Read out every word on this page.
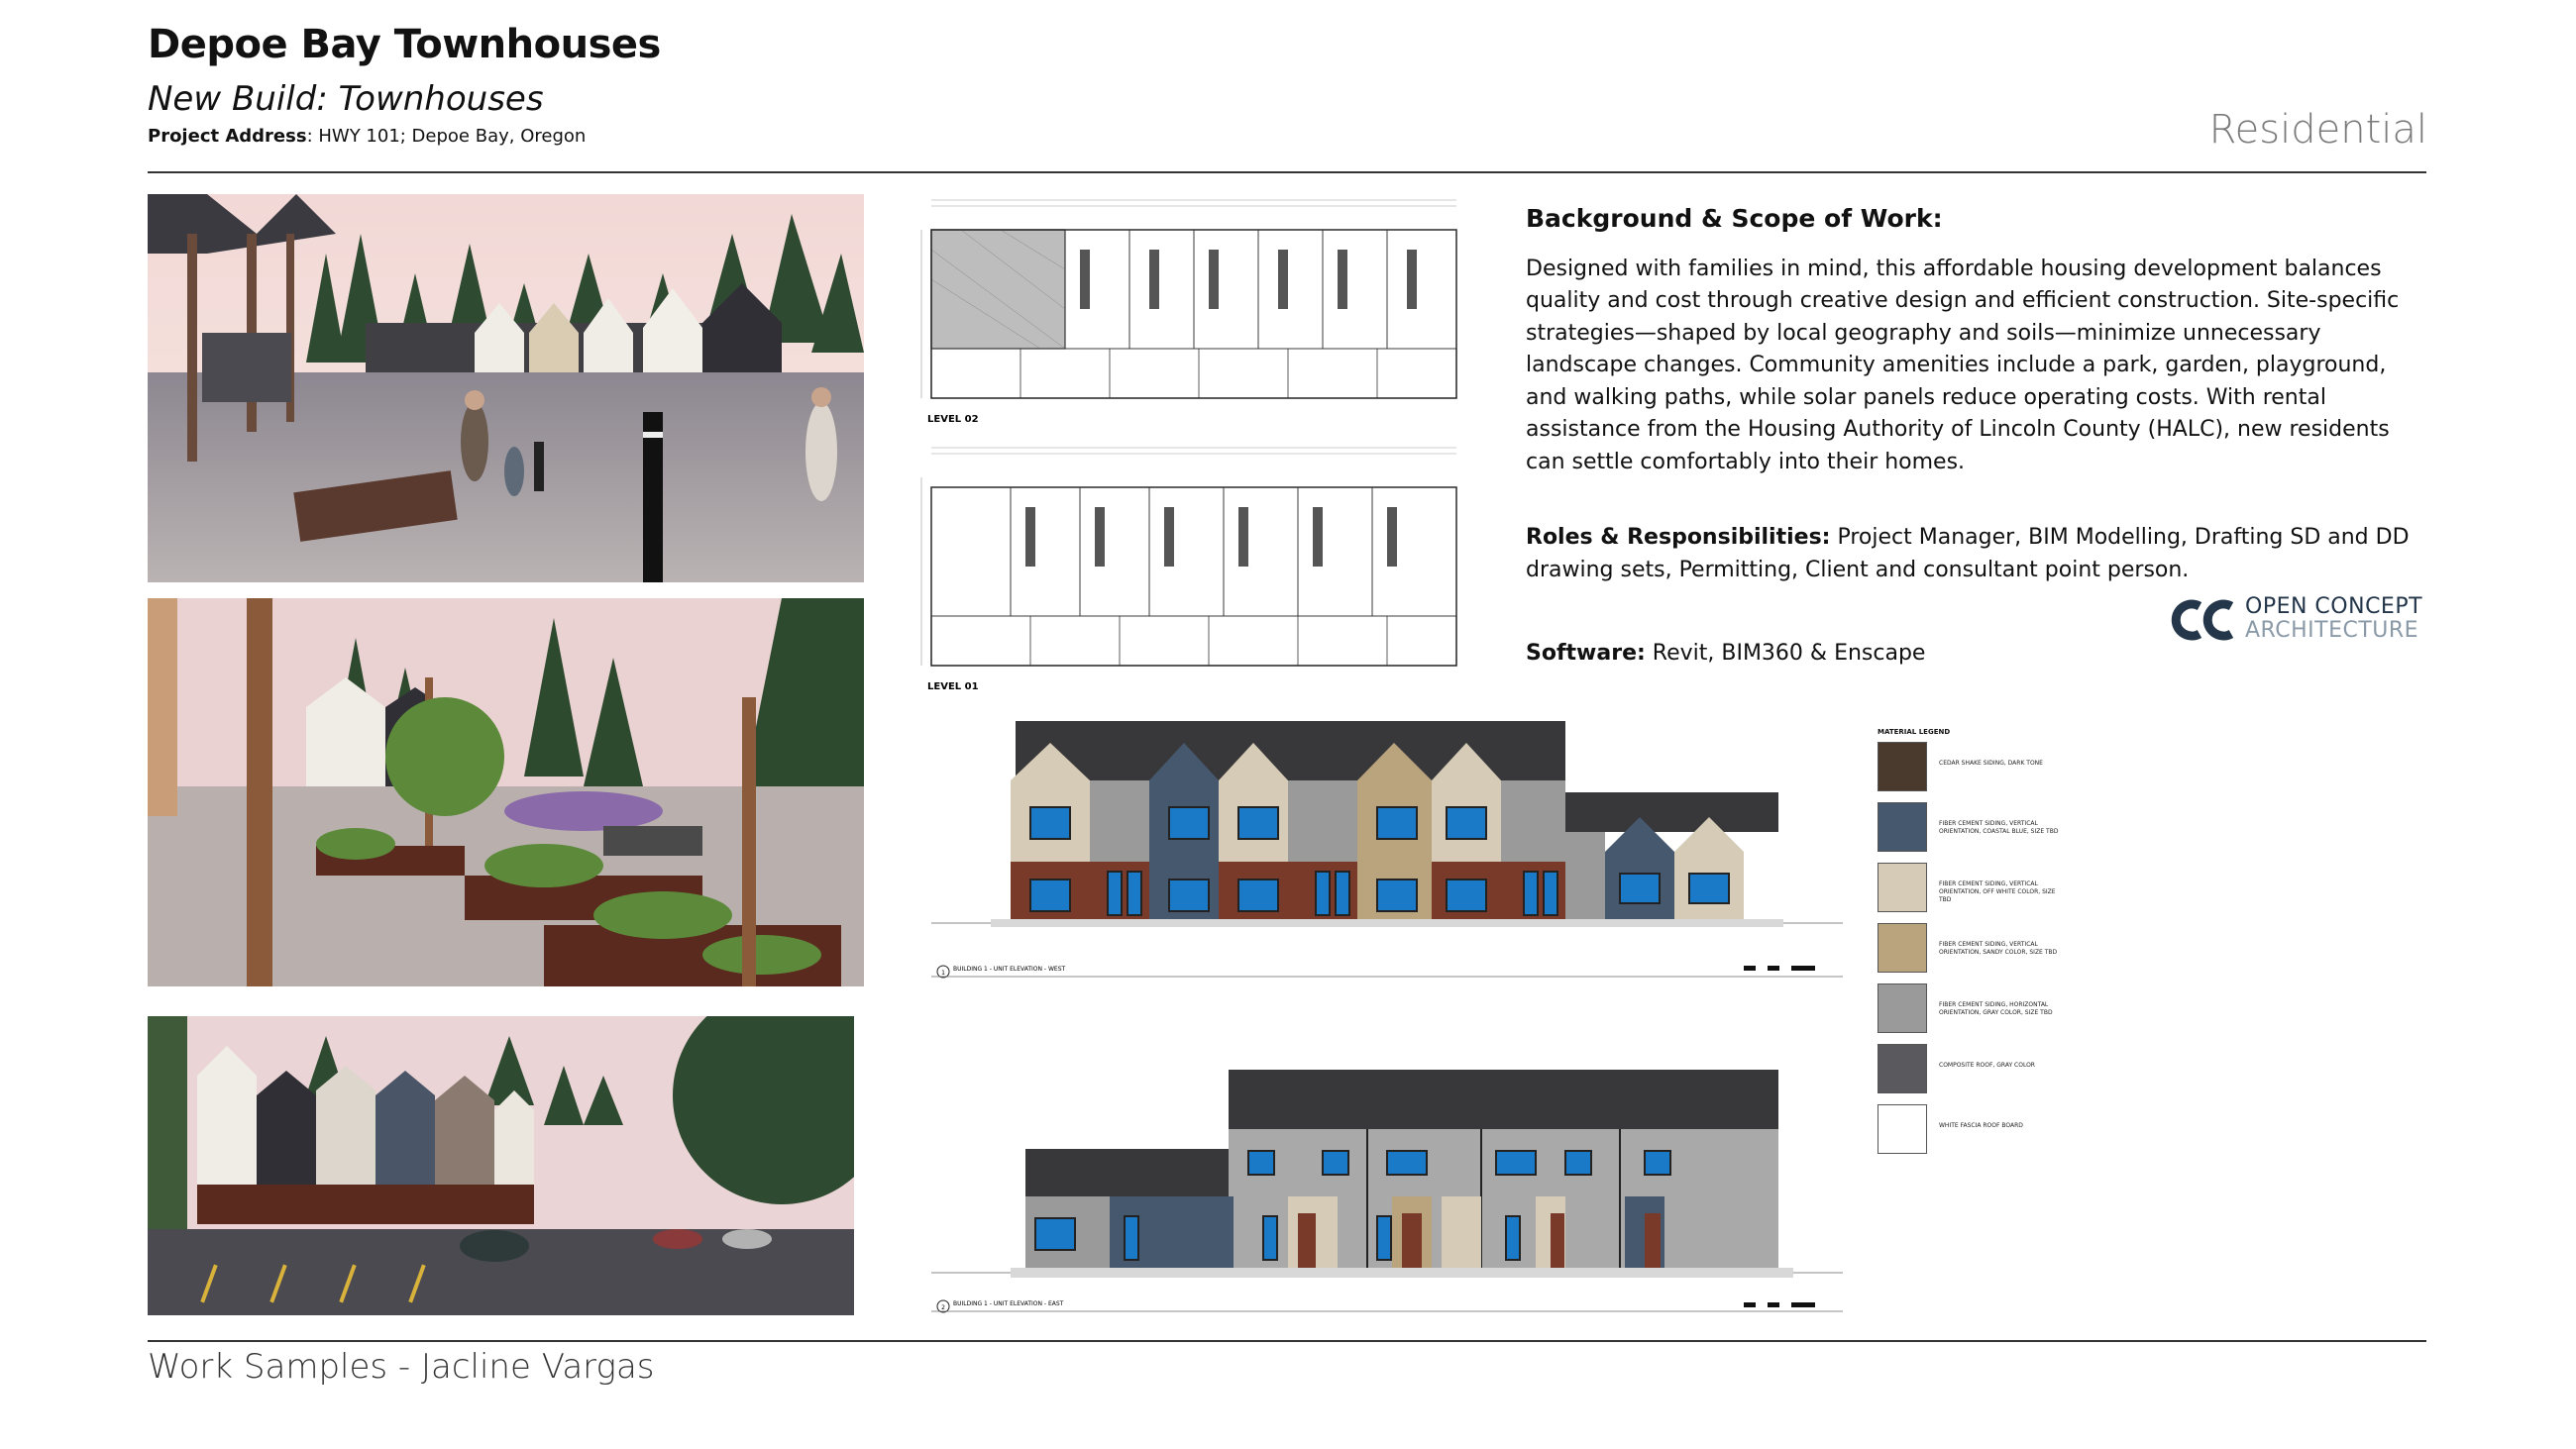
Depoe Bay Townhouses
New Build: Townhouses
Project Address: HWY 101; Depoe Bay, Oregon	Residential
LEVEL 02
LEVEL 01
Background & Scope of Work:

Designed with families in mind, this affordable housing development balances quality and cost through creative design and efficient construction. Site-specific strategies—shaped by local geography and soils—minimize unnecessary landscape changes. Community amenities include a park, garden, playground, and walking paths, while solar panels reduce operating costs. With rental assistance from the Housing Authority of Lincoln County (HALC), new residents can settle comfortably into their homes.

Roles & Responsibilities: Project Manager, BIM Modelling, Drafting SD and DD drawing sets, Permitting, Client and consultant point person.

Software: Revit, BIM360 & Enscape

OPEN CONCEPT
ARCHITECTURE
1
BUILDING 1 - UNIT ELEVATION - WEST
2
BUILDING 1 - UNIT ELEVATION - EAST
MATERIAL LEGEND
CEDAR SHAKE SIDING, DARK TONE
FIBER CEMENT SIDING, VERTICAL ORIENTATION, COASTAL BLUE, SIZE TBD
FIBER CEMENT SIDING, VERTICAL ORIENTATION, OFF WHITE COLOR, SIZE TBD
FIBER CEMENT SIDING, VERTICAL ORIENTATION, SANDY COLOR, SIZE TBD
FIBER CEMENT SIDING, HORIZONTAL ORIENTATION, GRAY COLOR, SIZE TBD
COMPOSITE ROOF, GRAY COLOR
WHITE FASCIA ROOF BOARD
Work Samples - Jacline Vargas
